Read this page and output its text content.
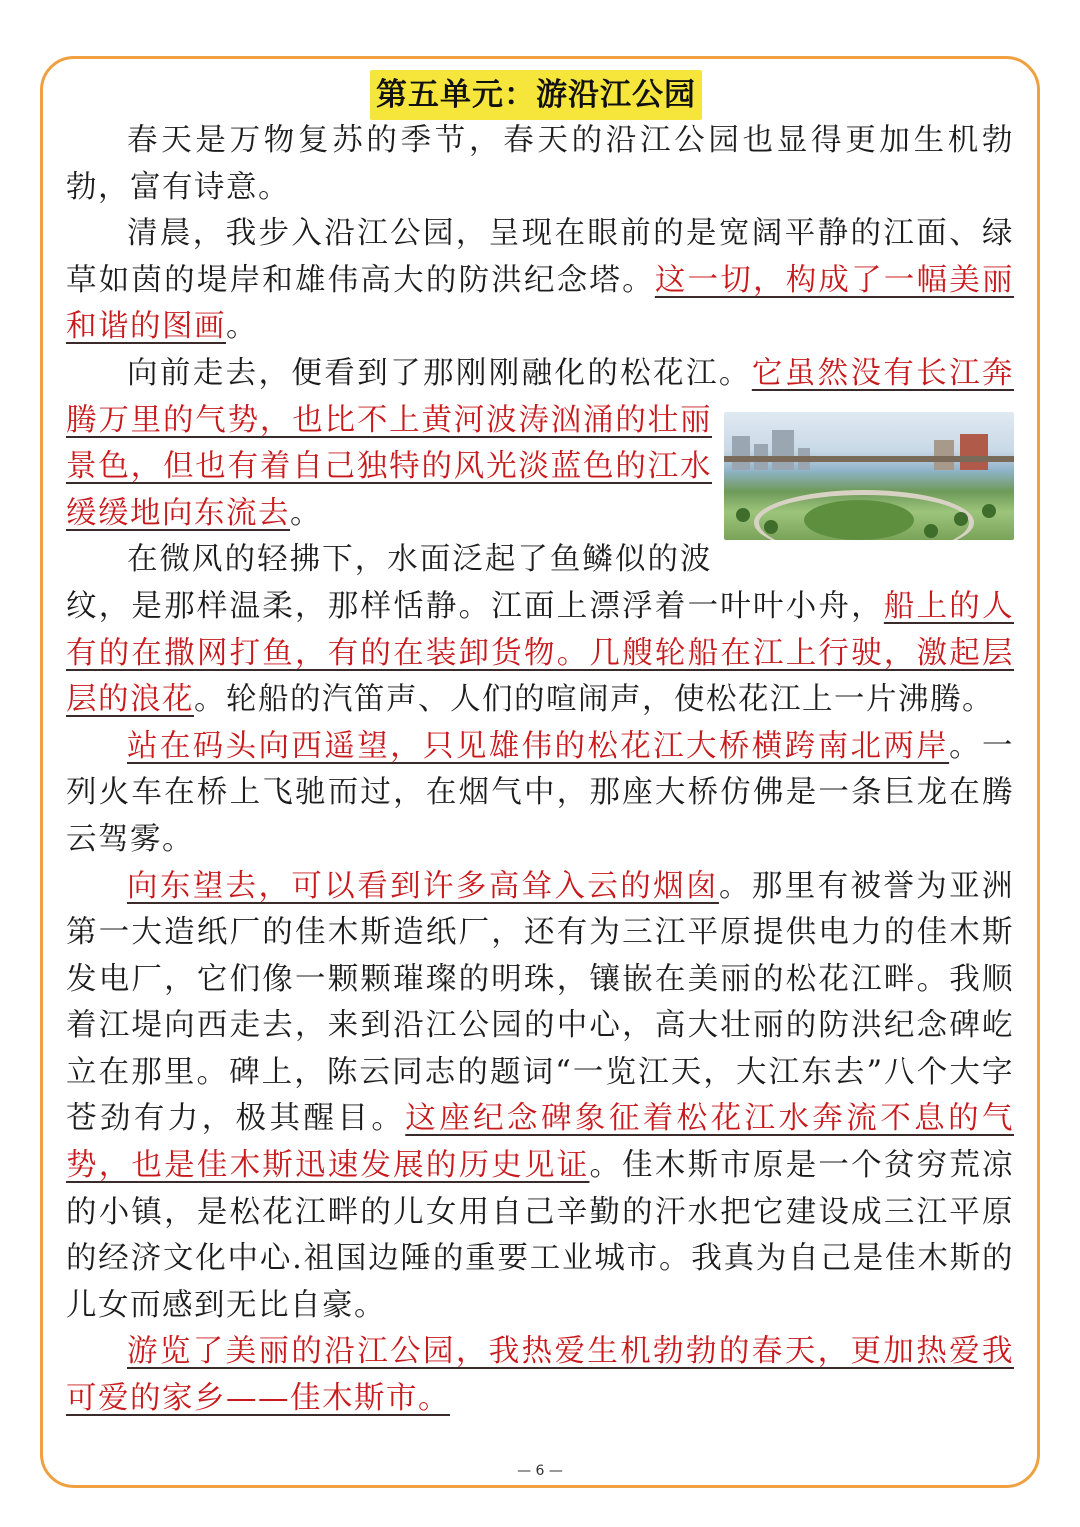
第五单元：游沿江公园

春天是万物复苏的季节，春天的沿江公园也显得更加生机勃勃，富有诗意。

清晨，我步入沿江公园，呈现在眼前的是宽阔平静的江面、绿草如茵的堤岸和雄伟高大的防洪纪念塔。这一切，构成了一幅美丽和谐的图画。

向前走去，便看到了那刚刚融化的松花江。
它虽然没有长江奔腾万里的气势，也比不上黄河波涛汹涌的壮丽景色，但也有着自己独特的风光淡蓝色的江水缓缓地向东流去。

在微风的轻拂下，水面泛起了鱼鳞似的波纹，是那样温柔，那样恬静。江面上漂浮着一叶叶小舟，船上的人有的在撒网打鱼，有的在装卸货物。几艘轮船在江上行驶，激起层层的浪花。轮船的汽笛声、人们的喧闹声，使松花江上一片沸腾。

站在码头向西遥望，只见雄伟的松花江大桥横跨南北两岸。一列火车在桥上飞驰而过，在烟气中，那座大桥仿佛是一条巨龙在腾云驾雾。

向东望去，可以看到许多高耸入云的烟囱。那里有被誉为亚洲第一大造纸厂的佳木斯造纸厂，还有为三江平原提供电力的佳木斯发电厂，它们像一颗颗璀璨的明珠，镶嵌在美丽的松花江畔。我顺着江堤向西走去，来到沿江公园的中心，高大壮丽的防洪纪念碑屹立在那里。碑上，陈云同志的题词“一览江天，大江东去”八个大字苍劲有力，极其醒目。这座纪念碑象征着松花江水奔流不息的气势，也是佳木斯迅速发展的历史见证。佳木斯市原是一个贫穷荒凉的小镇，是松花江畔的儿女用自己辛勤的汗水把它建设成三江平原的经济文化中心.祖国边陲的重要工业城市。我真为自己是佳木斯的儿女而感到无比自豪。

游览了美丽的沿江公园，我热爱生机勃勃的春天，更加热爱我可爱的家乡——佳木斯市。

— 6 —
